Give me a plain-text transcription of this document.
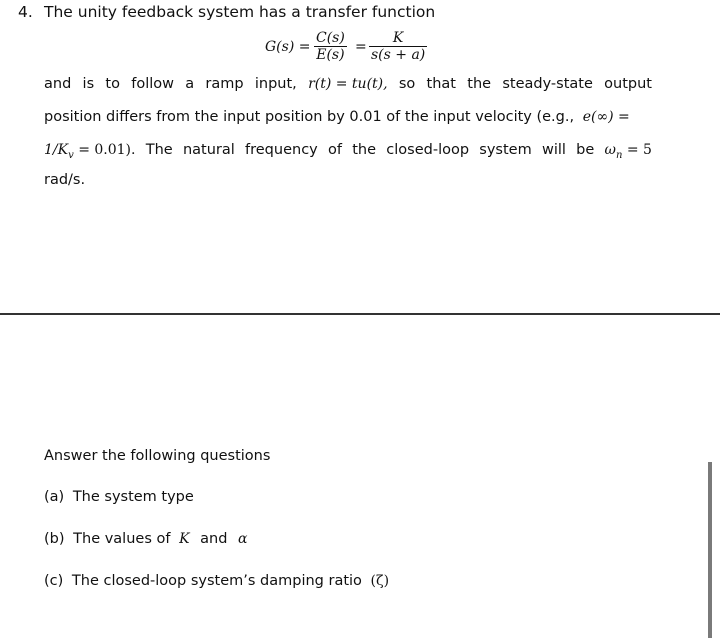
4. The unity feedback system has a transfer function
G(s) =
C(s)
E(s) =
K
s(s + a)
and is to follow a ramp input, r(t) = tu(t), so that the steady-state output
position differs from the input position by 0.01 of the input velocity (e.g., e(∞) =
$1/K_v = 0.01$). The natural frequency of the closed-loop system will be $\omega_n = 5$
rad/s.
Answer the following questions
(a) The system type
(b) The values of K and α
(c) The closed-loop system’s damping ratio (ζ)
